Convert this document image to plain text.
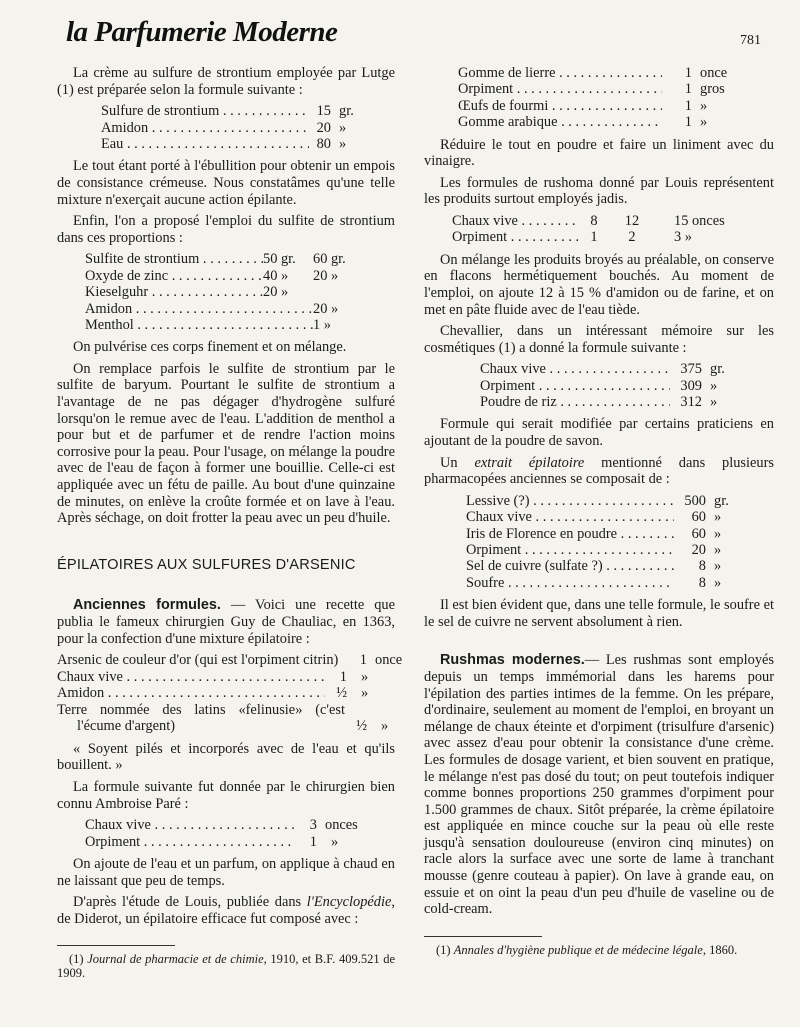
la Parfumerie Moderne	781

La crème au sulfure de strontium employée par Lutge (1) est préparée selon la formule suivante :

Sulfure de strontium . . .	15 gr.
Amidon . . .	20 »
Eau . . .	80 »

Le tout étant porté à l'ébullition pour obtenir un empois de consistance crémeuse. Nous constatâmes qu'une telle mixture n'exerçait aucune action épilante.

Enfin, l'on a proposé l'emploi du sulfite de strontium dans ces proportions :

Sulfite de strontium . . .	50 gr.	60 gr.
Oxyde de zinc . . .	40 »	20 »
Kieselguhr . . .	20 »
Amidon . . .	20 »
Menthol . . .	1 »

On pulvérise ces corps finement et on mélange.

On remplace parfois le sulfite de strontium par le sulfite de baryum. Pourtant le sulfite de strontium a l'avantage de ne pas dégager d'hydrogène sulfuré lorsqu'on le remue avec de l'eau. L'addition de menthol a pour but et de parfumer et de rendre l'action moins corrosive pour la peau. Pour l'usage, on mélange la poudre avec de l'eau de façon à former une bouillie. Celle-ci est appliquée avec un fétu de paille. Au bout d'une quinzaine de minutes, on enlève la croûte formée et on lave à l'eau. Après séchage, on doit frotter la peau avec un peu d'huile.

ÉPILATOIRES AUX SULFURES D'ARSENIC

Anciennes formules. — Voici une recette que publia le fameux chirurgien Guy de Chauliac, en 1363, pour la confection d'une mixture épilatoire :

Arsenic de couleur d'or (qui est l'orpiment citrin)	1 once
Chaux vive . . .	1 »
Amidon . . .	½ »
Terre nommée des latins «felinusie» (c'est l'écume d'argent)	½ »

« Soyent pilés et incorporés avec de l'eau et qu'ils bouillent. »

La formule suivante fut donnée par le chirurgien bien connu Ambroise Paré :

Chaux vive . . .	3 onces
Orpiment . . .	1 »

On ajoute de l'eau et un parfum, on applique à chaud en ne laissant que peu de temps.

D'après l'étude de Louis, publiée dans l'Encyclopédie, de Diderot, un épilatoire efficace fut composé avec :

(1) Journal de pharmacie et de chimie, 1910, et B.F. 409.521 de 1909.

Gomme de lierre . . .	1 once
Orpiment . . .	1 gros
Œufs de fourmi . . .	1 »
Gomme arabique . . .	1 »

Réduire le tout en poudre et faire un liniment avec du vinaigre.

Les formules de rushoma donné par Louis représentent les produits surtout employés jadis.

Chaux vive . . .	8	12	15 onces
Orpiment . . .	1	2	3 »

On mélange les produits broyés au préalable, on conserve en flacons hermétiquement bouchés. Au moment de l'emploi, on ajoute 12 à 15 % d'amidon ou de farine, et on met en pâte fluide avec de l'eau tiède.

Chevallier, dans un intéressant mémoire sur les cosmétiques (1) a donné la formule suivante :

Chaux vive . . .	375 gr.
Orpiment . . .	309 »
Poudre de riz . . .	312 »

Formule qui serait modifiée par certains praticiens en ajoutant de la poudre de savon.

Un extrait épilatoire mentionné dans plusieurs pharmacopées anciennes se composait de :

Lessive (?) . . .	500 gr.
Chaux vive . . .	60 »
Iris de Florence en poudre . . .	60 »
Orpiment . . .	20 »
Sel de cuivre (sulfate ?) . . .	8 »
Soufre . . .	8 »

Il est bien évident que, dans une telle formule, le soufre et le sel de cuivre ne servent absolument à rien.

Rushmas modernes.— Les rushmas sont employés depuis un temps immémorial dans les harems pour l'épilation des parties intimes de la femme. On les prépare, d'ordinaire, seulement au moment de l'emploi, en broyant un mélange de chaux éteinte et d'orpiment (trisulfure d'arsenic) avec assez d'eau pour obtenir la consistance d'une crème. Les formules de dosage varient, et bien souvent en pratique, le mélange n'est pas dosé du tout; on peut toutefois indiquer comme bonnes proportions 250 grammes d'orpiment pour 1.500 grammes de chaux. Sitôt préparée, la crème épilatoire est appliquée en mince couche sur la peau où elle reste jusqu'à sensation douloureuse (environ cinq minutes) on racle alors la surface avec une sorte de lame à tranchant mousse (genre couteau à papier). On lave à grande eau, on essuie et on oint la peau d'un peu d'huile de vaseline ou de cold-cream.

(1) Annales d'hygiène publique et de médecine légale, 1860.
